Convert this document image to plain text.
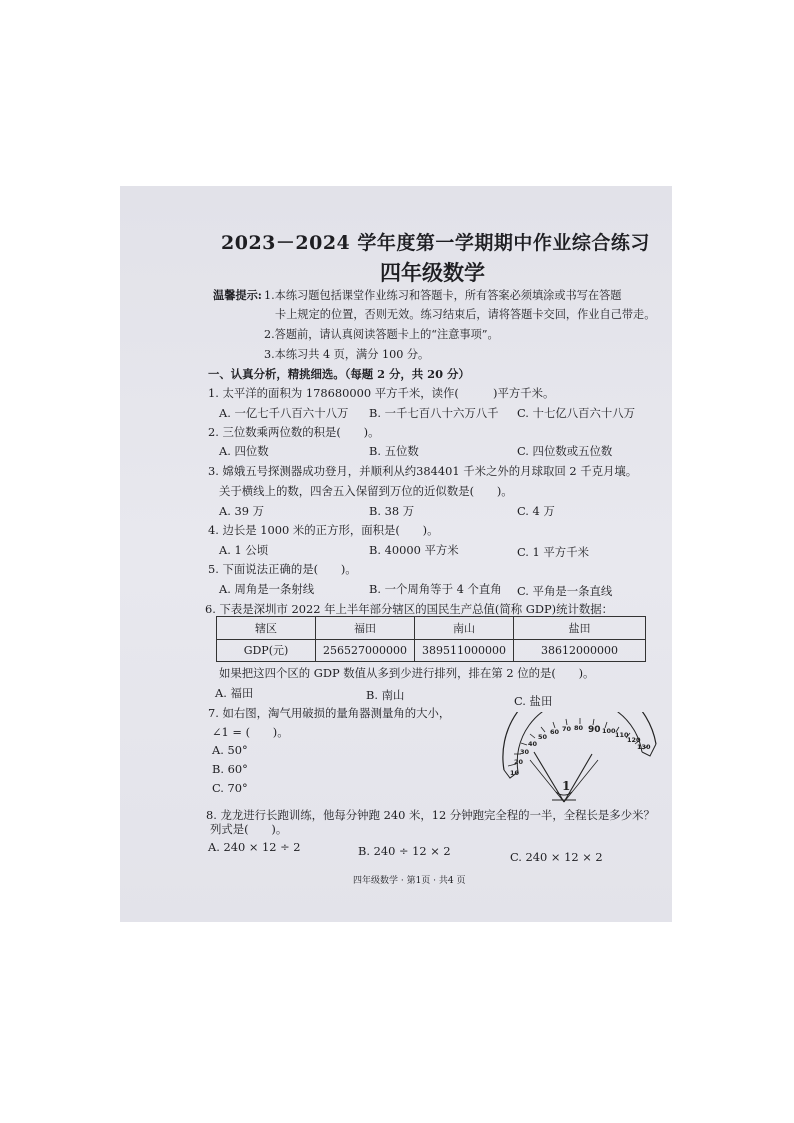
2023－2024 学年度第一学期期中作业综合练习
四年级数学
温馨提示: 1.本练习题包括课堂作业练习和答题卡，所有答案必须填涂或书写在答题
卡上规定的位置，否则无效。练习结束后，请将答题卡交回，作业自己带走。
2.答题前，请认真阅读答题卡上的“注意事项”。
3.本练习共 4 页，满分 100 分。
一、认真分析，精挑细选。（每题 2 分，共 20 分）
1. 太平洋的面积为 178680000 平方千米，读作(　　　)平方千米。
A. 一亿七千八百六十八万 B. 一千七百八十六万八千 C. 十七亿八百六十八万
2. 三位数乘两位数的积是(　　)。
A. 四位数	B. 五位数	C. 四位数或五位数
3. 嫦娥五号探测器成功登月，并顺利从约384401 千米之外的月球取回 2 千克月壤。
关于横线上的数，四舍五入保留到万位的近似数是(　　)。
A. 39 万	B. 38 万	C. 4 万
4. 边长是 1000 米的正方形，面积是(　　)。
A. 1 公顷	B. 40000 平方米	C. 1 平方千米
5. 下面说法正确的是(　　)。
A. 周角是一条射线	B. 一个周角等于 4 个直角 C. 平角是一条直线
6. 下表是深圳市 2022 年上半年部分辖区的国民生产总值(简称 GDP)统计数据：
辖区	福田	南山	盐田
GDP(元)	256527000000	389511000000	38612000000
如果把这四个区的 GDP 数值从多到少进行排列，排在第 2 位的是(　　)。
A. 福田	B. 南山	C. 盐田
7. 如右图，淘气用破损的量角器测量角的大小，
∠1 = (　　)。
A. 50°
B. 60°
C. 70°
10
20
30
40
50
60 70 80 90 100 110
120
130
1
8. 龙龙进行长跑训练，他每分钟跑 240 米，12 分钟跑完全程的一半，全程长是多少米？
列式是(　　)。
A. 240 × 12 ÷ 2	B. 240 ÷ 12 × 2	C. 240 × 12 × 2
四年级数学 · 第1页 · 共4 页
